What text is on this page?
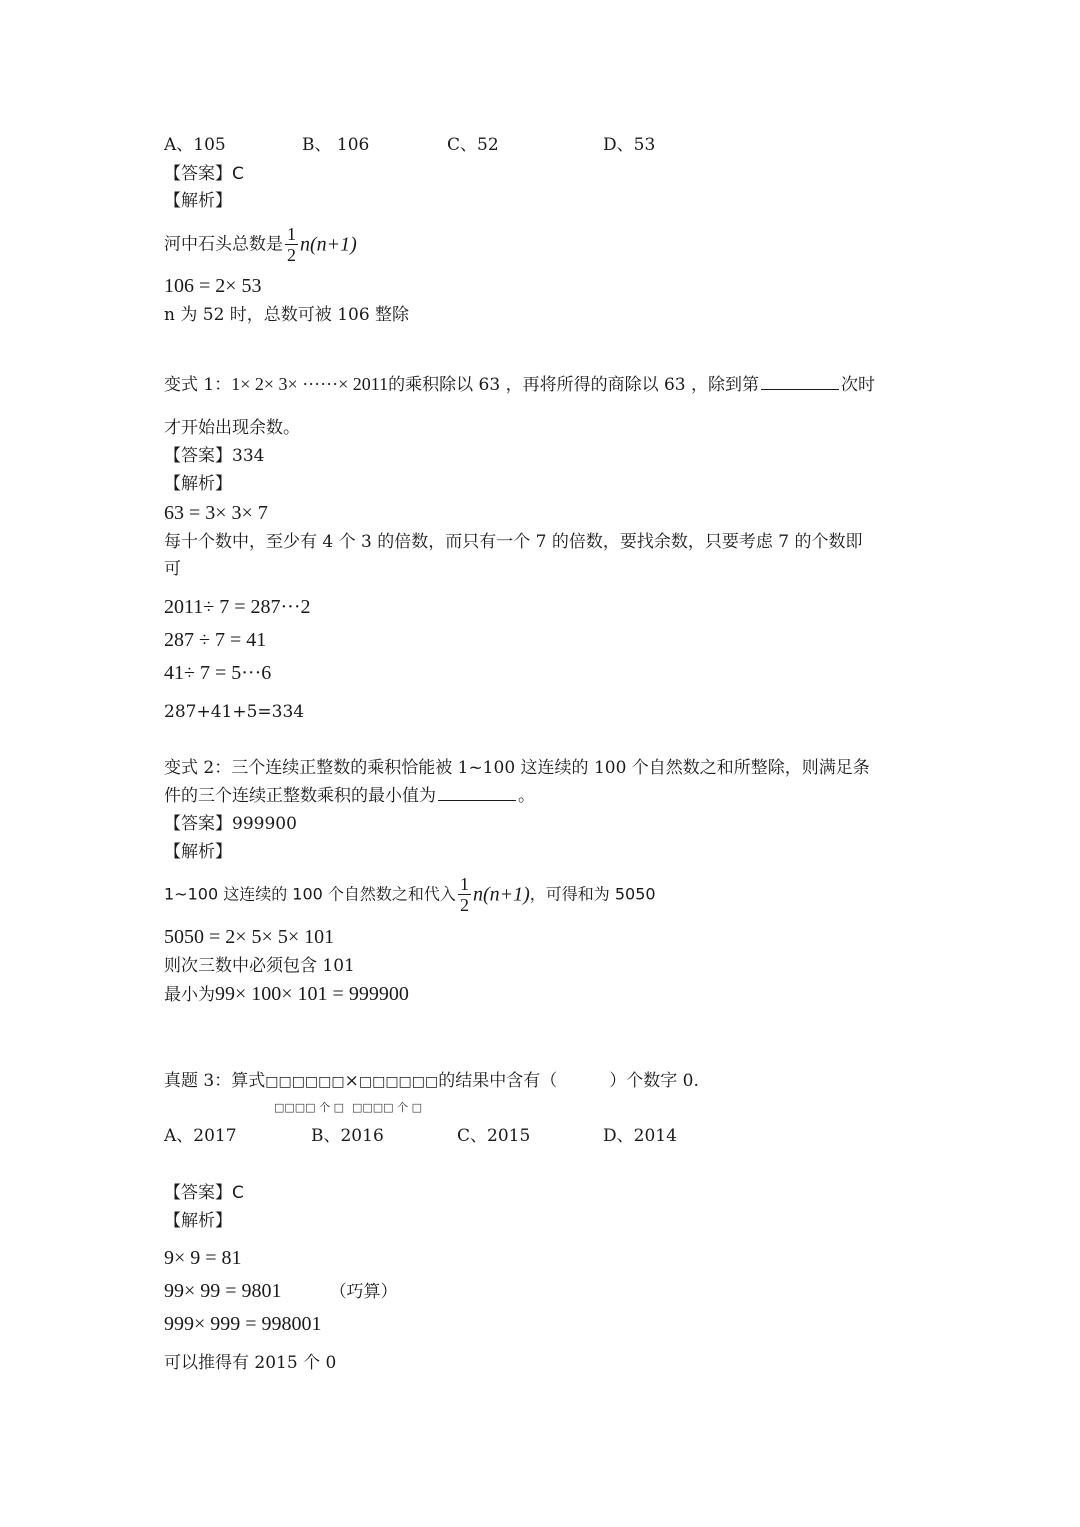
A、105	B、 106	C、52	D、53
【答案】C
【解析】
河中石头总数是 $\frac{1}{2} n(n+1)$
106 = 2× 53
n 为 52 时，总数可被 106 整除
变式 1：1× 2× 3× ······× 2011的乘积除以 63 ，再将所得的商除以 63 ，除到第	次时
才开始出现余数。
【答案】334
【解析】
63 = 3× 3× 7
每十个数中，至少有 4 个 3 的倍数，而只有一个 7 的倍数，要找余数，只要考虑 7 的个数即
可
2011÷ 7 = 287···2
287 ÷ 7 = 41
41÷ 7 = 5···6
287+41+5=334
变式 2：三个连续正整数的乘积恰能被 1~100 这连续的 100 个自然数之和所整除，则满足条
件的三个连续正整数乘积的最小值为	。
【答案】999900
【解析】
1~100 这连续的 100 个自然数之和代入 $\frac{1}{2} n(n+1)$，可得和为 5050
5050 = 2× 5× 5× 101
则次三数中必须包含 101
最小为99× 100× 101 = 999900
真题 3：算式□□□□□□×□□□□□□的结果中含有（	）个数字 0.
□□□□ 个 □ □□□□ 个 □
A、2017	B、2016	C、2015	D、2014
【答案】C
【解析】
9× 9 = 81
99× 99 = 9801	（巧算）
999× 999 = 998001
可以推得有 2015 个 0
